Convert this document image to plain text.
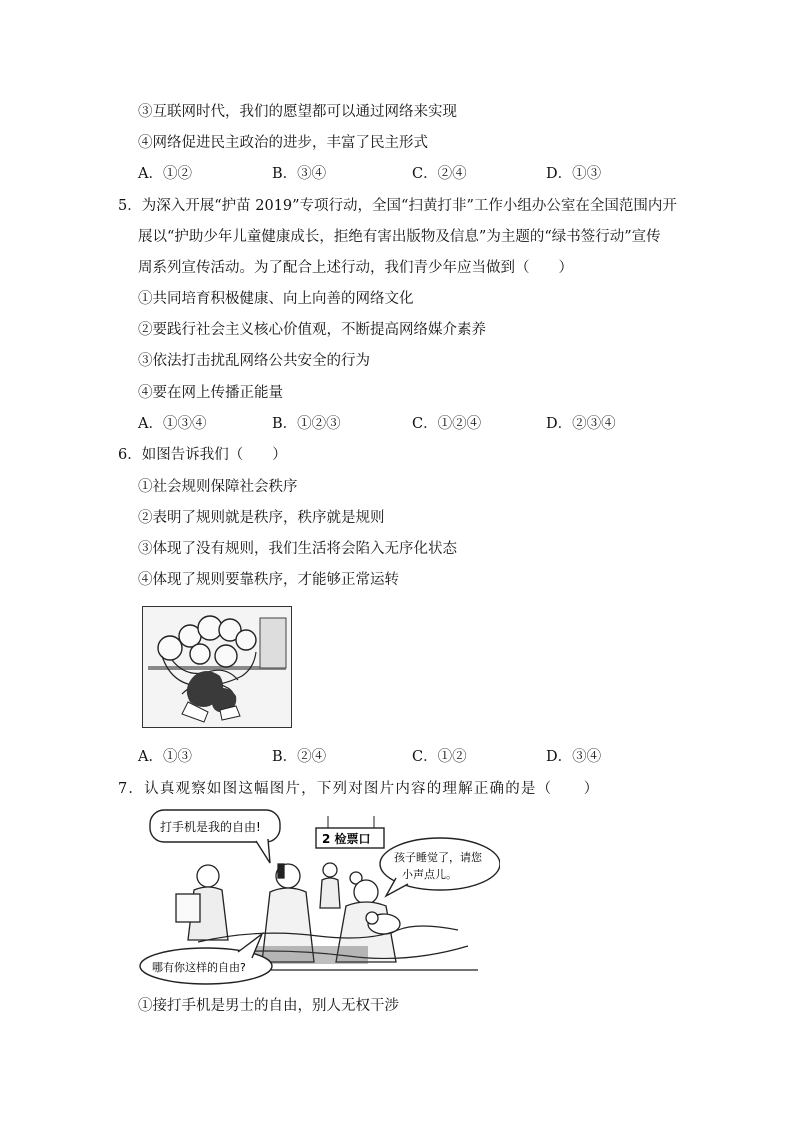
③互联网时代，我们的愿望都可以通过网络来实现
④网络促进民主政治的进步，丰富了民主形式
A．①②	B．③④	C．②④	D．①③
5．为深入开展“护苗 2019”专项行动，全国“扫黄打非”工作小组办公室在全国范围内开
展以“护助少年儿童健康成长，拒绝有害出版物及信息”为主题的“绿书签行动”宣传
周系列宣传活动。为了配合上述行动，我们青少年应当做到（　　）
①共同培育积极健康、向上向善的网络文化
②要践行社会主义核心价值观，不断提高网络媒介素养
③依法打击扰乱网络公共安全的行为
④要在网上传播正能量
A．①③④	B．①②③	C．①②④	D．②③④
6．如图告诉我们（　　）
①社会规则保障社会秩序
②表明了规则就是秩序，秩序就是规则
③体现了没有规则，我们生活将会陷入无序化状态
④体现了规则要靠秩序，才能够正常运转
A．①③	B．②④	C．①②	D．③④
7．认真观察如图这幅图片，下列对图片内容的理解正确的是（　　）
打手机是我的自由!
2 检票口
孩子睡觉了，请您
小声点儿。
哪有你这样的自由?
①接打手机是男士的自由，别人无权干涉
